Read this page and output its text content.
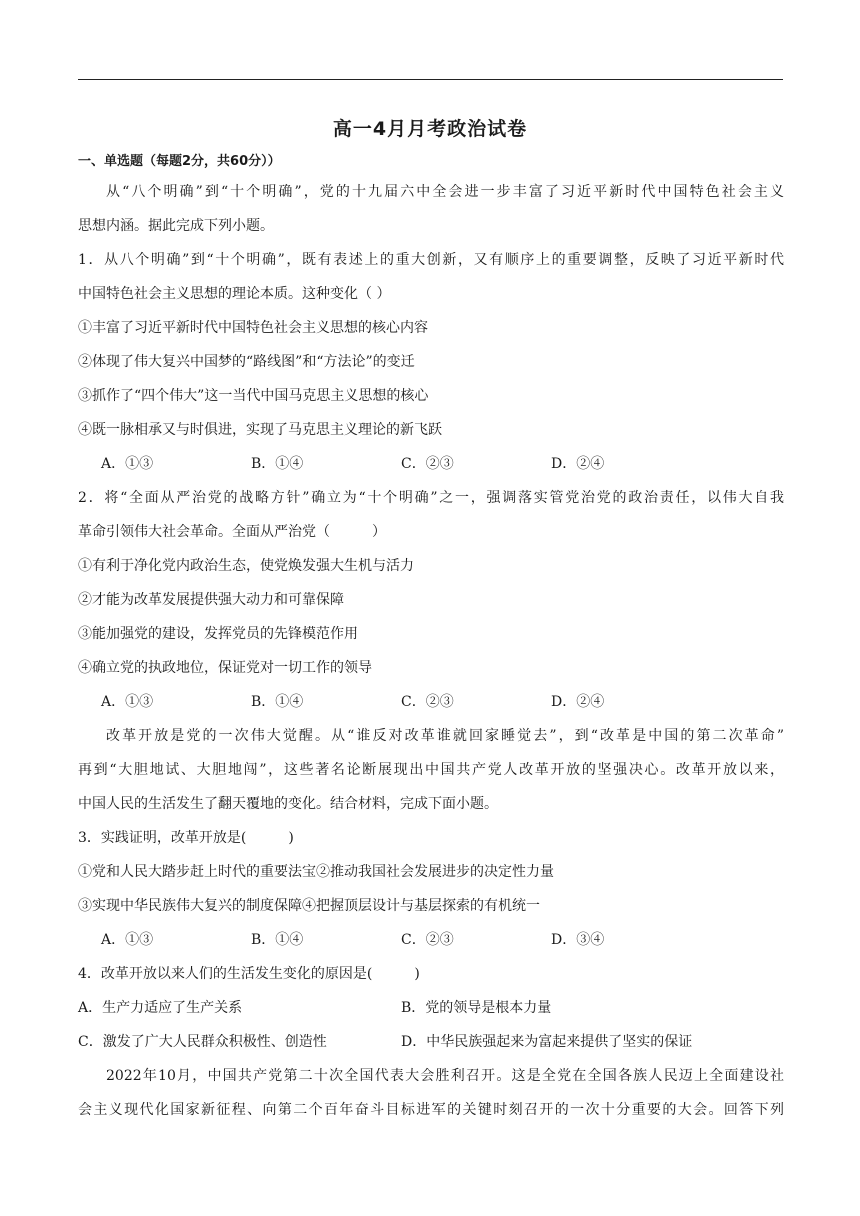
高一4月月考政治试卷
一、单选题（每题2分，共60分））

从“八个明确”到“十个明确”，党的十九届六中全会进一步丰富了习近平新时代中国特色社会主义

思想内涵。据此完成下列小题。

1．从八个明确”到“十个明确”，既有表述上的重大创新，又有顺序上的重要调整，反映了习近平新时代

中国特色社会主义思想的理论本质。这种变化（ ）

①丰富了习近平新时代中国特色社会主义思想的核心内容

②体现了伟大复兴中国梦的“路线图”和“方法论”的变迁

③抓作了“四个伟大”这一当代中国马克思主义思想的核心

④既一脉相承又与时俱进，实现了马克思主义理论的新飞跃

A．①③	B．①④	C．②③	D．②④

2．将“全面从严治党的战略方针”确立为“十个明确”之一，强调落实管党治党的政治责任，以伟大自我

革命引领伟大社会革命。全面从严治党（　　　）

①有利于净化党内政治生态，使党焕发强大生机与活力

②才能为改革发展提供强大动力和可靠保障

③能加强党的建设，发挥党员的先锋模范作用

④确立党的执政地位，保证党对一切工作的领导

A．①③	B．①④	C．②③	D．②④

改革开放是党的一次伟大觉醒。从“谁反对改革谁就回家睡觉去”，到“改革是中国的第二次革命”

再到“大胆地试、大胆地闯”，这些著名论断展现出中国共产党人改革开放的坚强决心。改革开放以来，

中国人民的生活发生了翻天覆地的变化。结合材料，完成下面小题。

3．实践证明，改革开放是(　　　)

①党和人民大踏步赶上时代的重要法宝②推动我国社会发展进步的决定性力量

③实现中华民族伟大复兴的制度保障④把握顶层设计与基层探索的有机统一

A．①③	B．①④	C．②③	D．③④

4．改革开放以来人们的生活发生变化的原因是(　　　)

A．生产力适应了生产关系	B．党的领导是根本力量
C．激发了广大人民群众积极性、创造性	D．中华民族强起来为富起来提供了坚实的保证

2022年10月，中国共产党第二十次全国代表大会胜利召开。这是全党在全国各族人民迈上全面建设社

会主义现代化国家新征程、向第二个百年奋斗目标进军的关键时刻召开的一次十分重要的大会。回答下列
